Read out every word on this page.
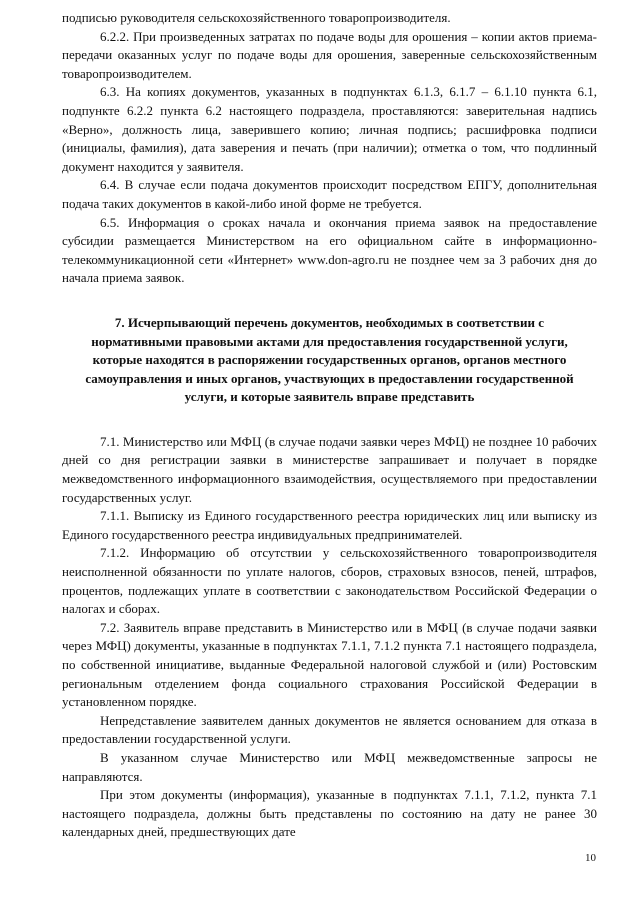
подписью руководителя сельскохозяйственного товаропроизводителя.

6.2.2. При произведенных затратах по подаче воды для орошения – копии актов приема-передачи оказанных услуг по подаче воды для орошения, заверенные сельскохозяйственным товаропроизводителем.

6.3. На копиях документов, указанных в подпунктах 6.1.3, 6.1.7 – 6.1.10 пункта 6.1, подпункте 6.2.2 пункта 6.2 настоящего подраздела, проставляются: заверительная надпись «Верно», должность лица, заверившего копию; личная подпись; расшифровка подписи (инициалы, фамилия), дата заверения и печать (при наличии); отметка о том, что подлинный документ находится у заявителя.

6.4. В случае если подача документов происходит посредством ЕПГУ, дополнительная подача таких документов в какой-либо иной форме не требуется.

6.5. Информация о сроках начала и окончания приема заявок на предоставление субсидии размещается Министерством на его официальном сайте в информационно-телекоммуникационной сети «Интернет» www.don-agro.ru не позднее чем за 3 рабочих дня до начала приема заявок.

7. Исчерпывающий перечень документов, необходимых в соответствии с нормативными правовыми актами для предоставления государственной услуги, которые находятся в распоряжении государственных органов, органов местного самоуправления и иных органов, участвующих в предоставлении государственной услуги, и которые заявитель вправе представить

7.1. Министерство или МФЦ (в случае подачи заявки через МФЦ) не позднее 10 рабочих дней со дня регистрации заявки в министерстве запрашивает и получает в порядке межведомственного информационного взаимодействия, осуществляемого при предоставлении государственных услуг.

7.1.1. Выписку из Единого государственного реестра юридических лиц или выписку из Единого государственного реестра индивидуальных предпринимателей.

7.1.2. Информацию об отсутствии у сельскохозяйственного товаропроизводителя неисполненной обязанности по уплате налогов, сборов, страховых взносов, пеней, штрафов, процентов, подлежащих уплате в соответствии с законодательством Российской Федерации о налогах и сборах.

7.2. Заявитель вправе представить в Министерство или в МФЦ (в случае подачи заявки через МФЦ) документы, указанные в подпунктах 7.1.1, 7.1.2 пункта 7.1 настоящего подраздела, по собственной инициативе, выданные Федеральной налоговой службой и (или) Ростовским региональным отделением фонда социального страхования Российской Федерации в установленном порядке.

Непредставление заявителем данных документов не является основанием для отказа в предоставлении государственной услуги.

В указанном случае Министерство или МФЦ межведомственные запросы не направляются.

При этом документы (информация), указанные в подпунктах 7.1.1, 7.1.2, пункта 7.1 настоящего подраздела, должны быть представлены по состоянию на дату не ранее 30 календарных дней, предшествующих дате

10
